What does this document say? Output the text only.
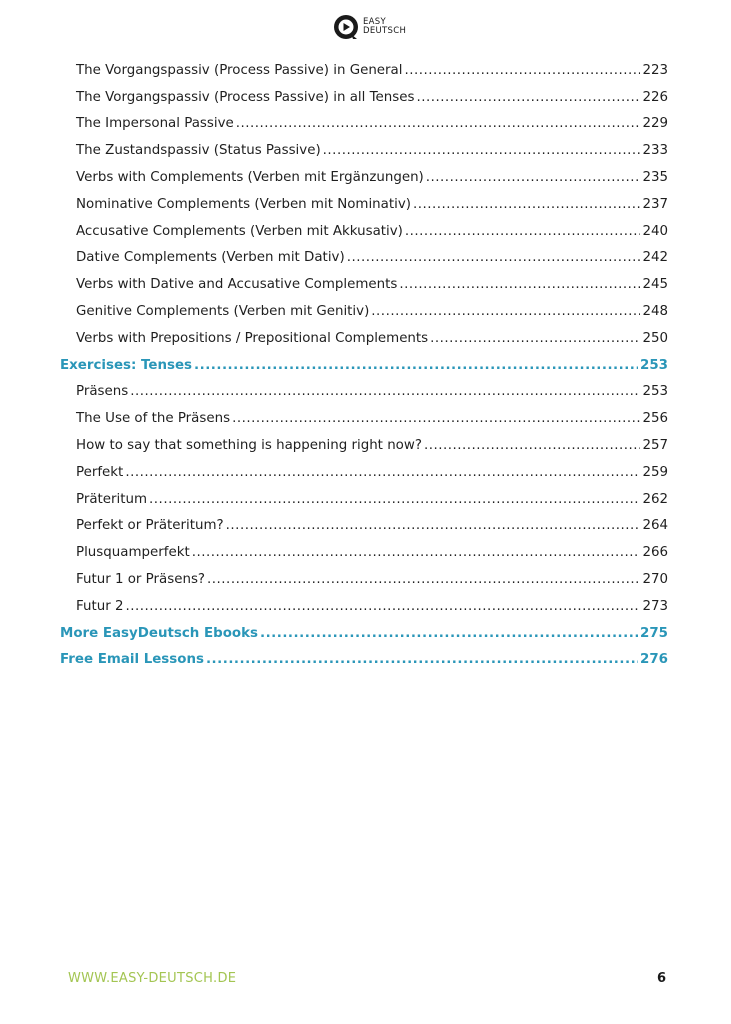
EASY
DEUTSCH
The Vorgangspassiv (Process Passive) in General .....	223
The Vorgangspassiv (Process Passive) in all Tenses .....	226
The Impersonal Passive .....	229
The Zustandspassiv (Status Passive) .....	233
Verbs with Complements (Verben mit Ergänzungen) .....	235
Nominative Complements (Verben mit Nominativ) .....	237
Accusative Complements (Verben mit Akkusativ) .....	240
Dative Complements (Verben mit Dativ) .....	242
Verbs with Dative and Accusative Complements .....	245
Genitive Complements (Verben mit Genitiv) .....	248
Verbs with Prepositions / Prepositional Complements .....	250
Exercises: Tenses .....	253
Präsens .....	253
The Use of the Präsens .....	256
How to say that something is happening right now? .....	257
Perfekt .....	259
Präteritum .....	262
Perfekt or Präteritum? .....	264
Plusquamperfekt .....	266
Futur 1 or Präsens? .....	270
Futur 2 .....	273
More EasyDeutsch Ebooks .....	275
Free Email Lessons .....	276
WWW.EASY-DEUTSCH.DE	6
